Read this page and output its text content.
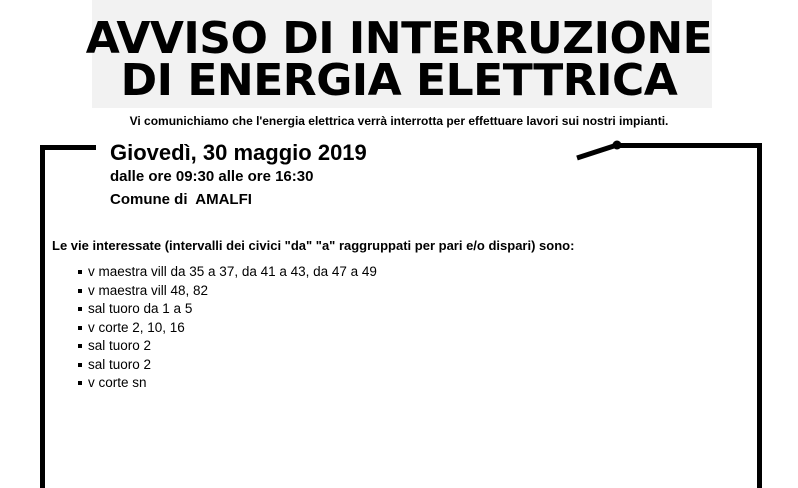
AVVISO DI INTERRUZIONE
DI ENERGIA ELETTRICA
Vi comunichiamo che l'energia elettrica verrà interrotta per effettuare lavori sui nostri impianti.
Giovedì, 30 maggio 2019
dalle ore 09:30 alle ore 16:30
Comune di  AMALFI
Le vie interessate (intervalli dei civici "da" "a" raggruppati per pari e/o dispari) sono:
v maestra vill da 35 a 37, da 41 a 43, da 47 a 49
v maestra vill 48, 82
sal tuoro da 1 a 5
v corte 2, 10, 16
sal tuoro 2
sal tuoro 2
v corte sn
